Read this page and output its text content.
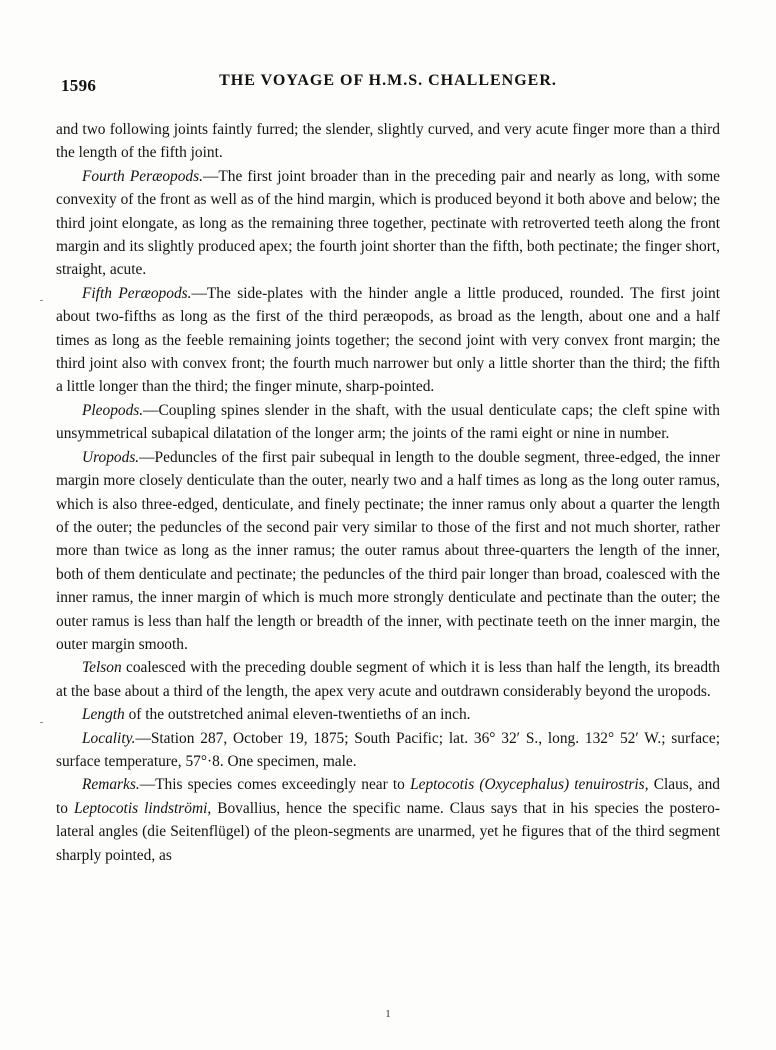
1596	THE VOYAGE OF H.M.S. CHALLENGER.

and two following joints faintly furred; the slender, slightly curved, and very acute finger more than a third the length of the fifth joint.

Fourth Peræopods.—The first joint broader than in the preceding pair and nearly as long, with some convexity of the front as well as of the hind margin, which is produced beyond it both above and below; the third joint elongate, as long as the remaining three together, pectinate with retroverted teeth along the front margin and its slightly produced apex; the fourth joint shorter than the fifth, both pectinate; the finger short, straight, acute.

Fifth Peræopods.—The side-plates with the hinder angle a little produced, rounded. The first joint about two-fifths as long as the first of the third peræopods, as broad as the length, about one and a half times as long as the feeble remaining joints together; the second joint with very convex front margin; the third joint also with convex front; the fourth much narrower but only a little shorter than the third; the fifth a little longer than the third; the finger minute, sharp-pointed.

Pleopods.—Coupling spines slender in the shaft, with the usual denticulate caps; the cleft spine with unsymmetrical subapical dilatation of the longer arm; the joints of the rami eight or nine in number.

Uropods.—Peduncles of the first pair subequal in length to the double segment, three-edged, the inner margin more closely denticulate than the outer, nearly two and a half times as long as the long outer ramus, which is also three-edged, denticulate, and finely pectinate; the inner ramus only about a quarter the length of the outer; the peduncles of the second pair very similar to those of the first and not much shorter, rather more than twice as long as the inner ramus; the outer ramus about three-quarters the length of the inner, both of them denticulate and pectinate; the peduncles of the third pair longer than broad, coalesced with the inner ramus, the inner margin of which is much more strongly denticulate and pectinate than the outer; the outer ramus is less than half the length or breadth of the inner, with pectinate teeth on the inner margin, the outer margin smooth.

Telson coalesced with the preceding double segment of which it is less than half the length, its breadth at the base about a third of the length, the apex very acute and outdrawn considerably beyond the uropods.

Length of the outstretched animal eleven-twentieths of an inch.

Locality.—Station 287, October 19, 1875; South Pacific; lat. 36° 32′ S., long. 132° 52′ W.; surface; surface temperature, 57°·8. One specimen, male.

Remarks.—This species comes exceedingly near to Leptocotis (Oxycephalus) tenuirostris, Claus, and to Leptocotis lindströmi, Bovallius, hence the specific name. Claus says that in his species the postero-lateral angles (die Seitenflügel) of the pleon-segments are unarmed, yet he figures that of the third segment sharply pointed, as

1
